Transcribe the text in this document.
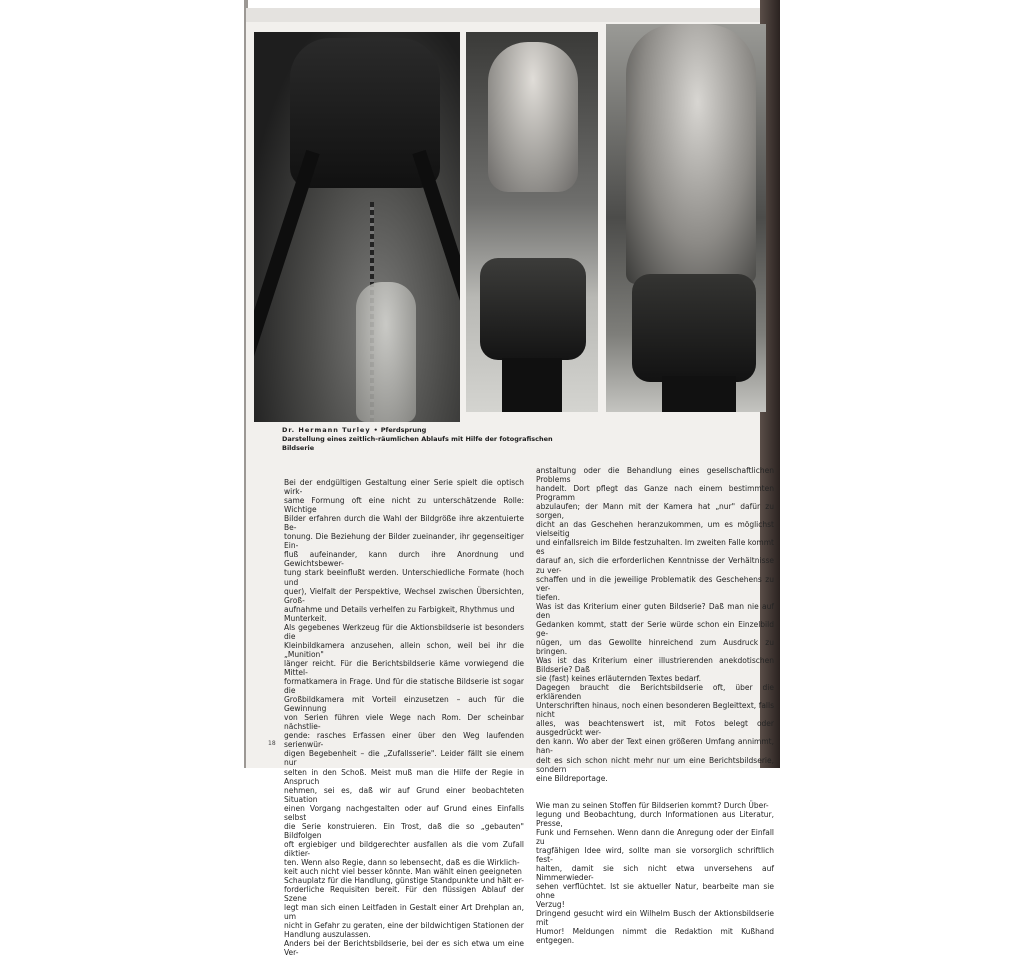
Dr. Hermann Turley • Pferdsprung
Darstellung eines zeitlich-räumlichen Ablaufs mit Hilfe der fotografischen Bildserie

Bei der endgültigen Gestaltung einer Serie spielt die optisch wirk-

same Formung oft eine nicht zu unterschätzende Rolle: Wichtige

Bilder erfahren durch die Wahl der Bildgröße ihre akzentuierte Be-

tonung. Die Beziehung der Bilder zueinander, ihr gegenseitiger Ein-

fluß aufeinander, kann durch ihre Anordnung und Gewichtsbewer-

tung stark beeinflußt werden. Unterschiedliche Formate (hoch und

quer), Vielfalt der Perspektive, Wechsel zwischen Übersichten, Groß-

aufnahme und Details verhelfen zu Farbigkeit, Rhythmus und

Munterkeit.

Als gegebenes Werkzeug für die Aktionsbildserie ist besonders die

Kleinbildkamera anzusehen, allein schon, weil bei ihr die „Munition"

länger reicht. Für die Berichtsbildserie käme vorwiegend die Mittel-

formatkamera in Frage. Und für die statische Bildserie ist sogar die

Großbildkamera mit Vorteil einzusetzen – auch für die Gewinnung

von Serien führen viele Wege nach Rom. Der scheinbar nächstlie-

gende: rasches Erfassen einer über den Weg laufenden serienwür-

digen Begebenheit – die „Zufallsserie". Leider fällt sie einem nur

selten in den Schoß. Meist muß man die Hilfe der Regie in Anspruch

nehmen, sei es, daß wir auf Grund einer beobachteten Situation

einen Vorgang nachgestalten oder auf Grund eines Einfalls selbst

die Serie konstruieren. Ein Trost, daß die so „gebauten" Bildfolgen

oft ergiebiger und bildgerechter ausfallen als die vom Zufall diktier-

ten. Wenn also Regie, dann so lebensecht, daß es die Wirklich-

keit auch nicht viel besser könnte. Man wählt einen geeigneten

Schauplatz für die Handlung, günstige Standpunkte und hält er-

forderliche Requisiten bereit. Für den flüssigen Ablauf der Szene

legt man sich einen Leitfaden in Gestalt einer Art Drehplan an, um

nicht in Gefahr zu geraten, eine der bildwichtigen Stationen der

Handlung auszulassen.

Anders bei der Berichtsbildserie, bei der es sich etwa um eine Ver-

anstaltung oder die Behandlung eines gesellschaftlichen Problems

handelt. Dort pflegt das Ganze nach einem bestimmten Programm

abzulaufen; der Mann mit der Kamera hat „nur" dafür zu sorgen,

dicht an das Geschehen heranzukommen, um es möglichst vielseitig

und einfallsreich im Bilde festzuhalten. Im zweiten Falle kommt es

darauf an, sich die erforderlichen Kenntnisse der Verhältnisse zu ver-

schaffen und in die jeweilige Problematik des Geschehens zu ver-

tiefen.

Was ist das Kriterium einer guten Bildserie? Daß man nie auf den

Gedanken kommt, statt der Serie würde schon ein Einzelbild ge-

nügen, um das Gewollte hinreichend zum Ausdruck zu bringen.

Was ist das Kriterium einer illustrierenden anekdotischen Bildserie? Daß

sie (fast) keines erläuternden Textes bedarf.

Dagegen braucht die Berichtsbildserie oft, über die erklärenden

Unterschriften hinaus, noch einen besonderen Begleittext, falls nicht

alles, was beachtenswert ist, mit Fotos belegt oder ausgedrückt wer-

den kann. Wo aber der Text einen größeren Umfang annimmt, han-

delt es sich schon nicht mehr nur um eine Berichtsbildserie, sondern

eine Bildreportage.

Wie man zu seinen Stoffen für Bildserien kommt? Durch Über-

legung und Beobachtung, durch Informationen aus Literatur, Presse,

Funk und Fernsehen. Wenn dann die Anregung oder der Einfall zu

tragfähigen Idee wird, sollte man sie vorsorglich schriftlich fest-

halten, damit sie sich nicht etwa unversehens auf Nimmerwieder-

sehen verflüchtet. Ist sie aktueller Natur, bearbeite man sie ohne

Verzug!

Dringend gesucht wird ein Wilhelm Busch der Aktionsbildserie mit

Humor! Meldungen nimmt die Redaktion mit Kußhand entgegen.

18
